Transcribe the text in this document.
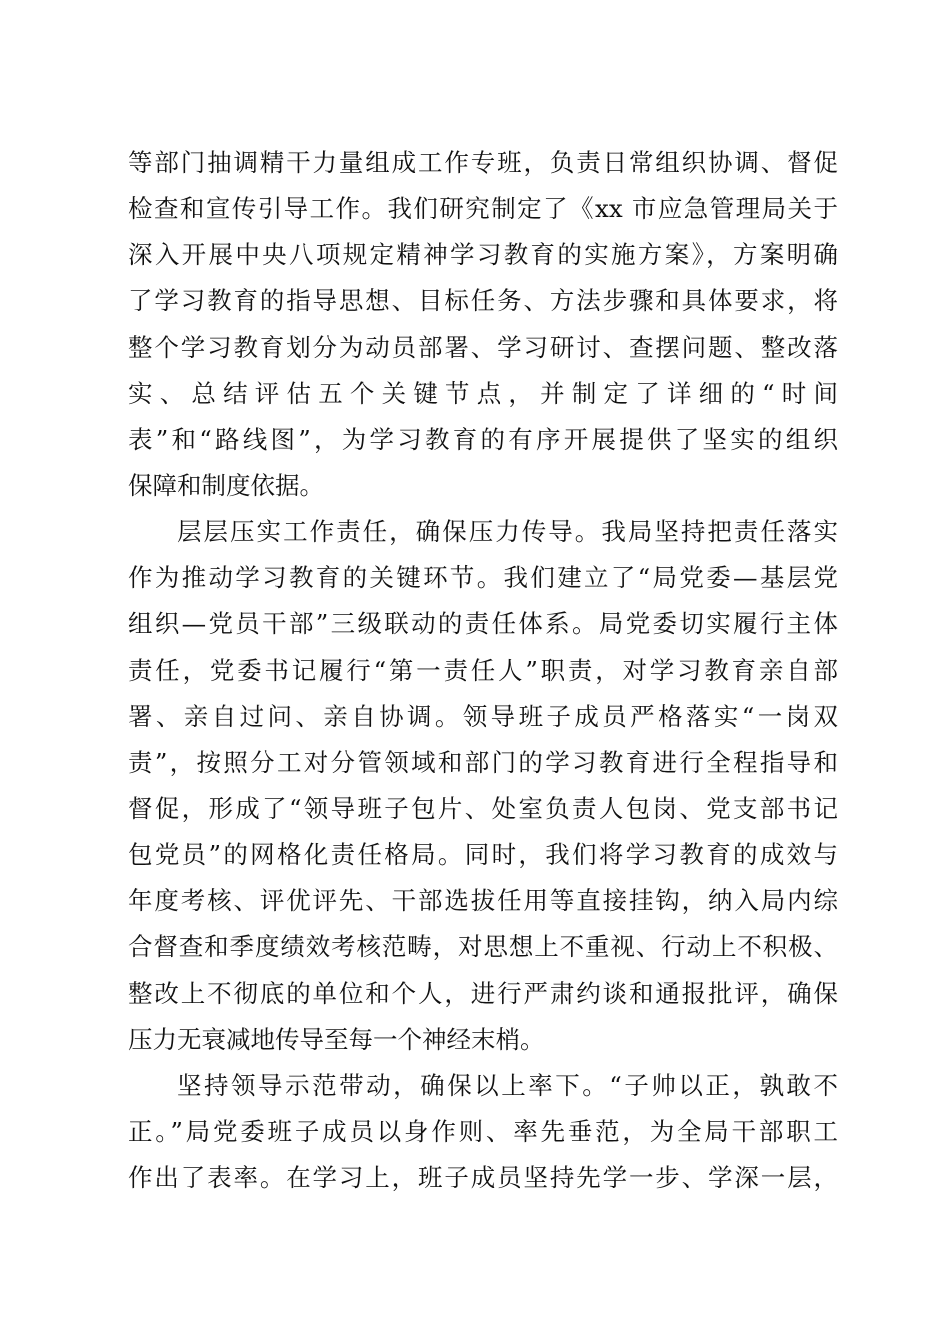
等部门抽调精干力量组成工作专班，负责日常组织协调、督促
检查和宣传引导工作。我们研究制定了《xx 市应急管理局关于
深入开展中央八项规定精神学习教育的实施方案》，方案明确
了学习教育的指导思想、目标任务、方法步骤和具体要求，将
整个学习教育划分为动员部署、学习研讨、查摆问题、整改落
实、总结评估五个关键节点，并制定了详细的“时间
表”和“路线图”，为学习教育的有序开展提供了坚实的组织
保障和制度依据。
层层压实工作责任，确保压力传导。我局坚持把责任落实
作为推动学习教育的关键环节。我们建立了“局党委—基层党
组织—党员干部”三级联动的责任体系。局党委切实履行主体
责任，党委书记履行“第一责任人”职责，对学习教育亲自部
署、亲自过问、亲自协调。领导班子成员严格落实“一岗双
责”，按照分工对分管领域和部门的学习教育进行全程指导和
督促，形成了“领导班子包片、处室负责人包岗、党支部书记
包党员”的网格化责任格局。同时，我们将学习教育的成效与
年度考核、评优评先、干部选拔任用等直接挂钩，纳入局内综
合督查和季度绩效考核范畴，对思想上不重视、行动上不积极、
整改上不彻底的单位和个人，进行严肃约谈和通报批评，确保
压力无衰减地传导至每一个神经末梢。
坚持领导示范带动，确保以上率下。“子帅以正，孰敢不
正。”局党委班子成员以身作则、率先垂范，为全局干部职工
作出了表率。在学习上，班子成员坚持先学一步、学深一层，
